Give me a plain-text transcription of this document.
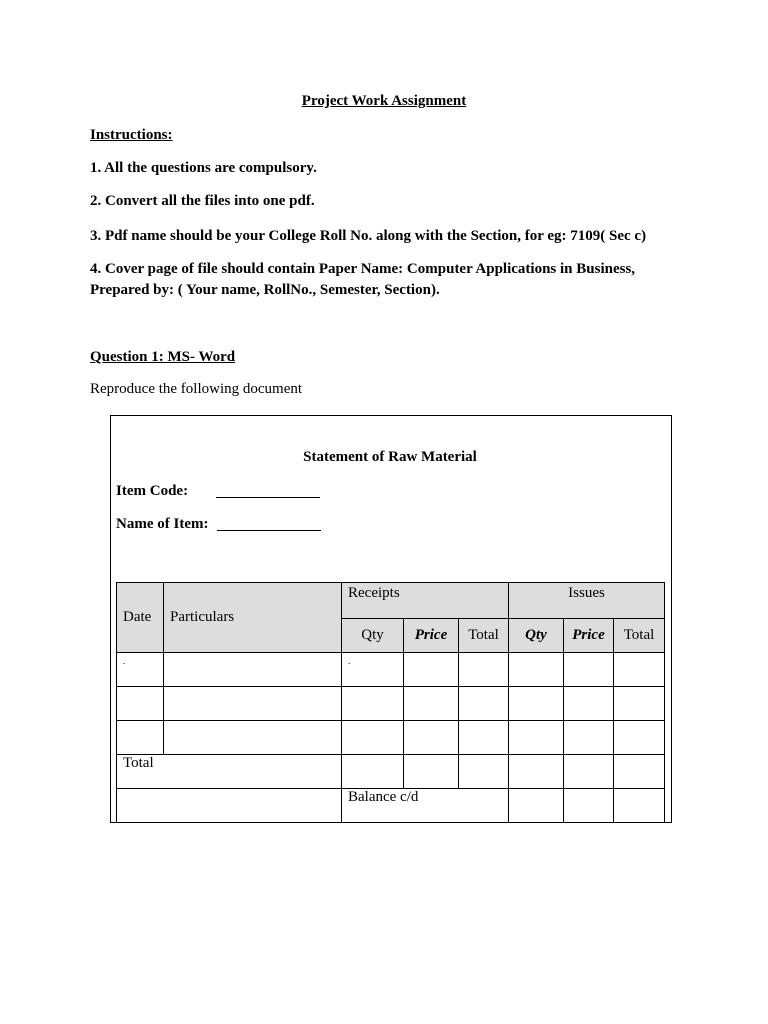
Project Work Assignment
Instructions:
1. All the questions are compulsory.
2. Convert all the files into one pdf.
3. Pdf name should be your College Roll No. along with the Section, for eg: 7109( Sec c)
4. Cover page of file should contain Paper Name: Computer Applications in Business,
Prepared by: ( Your name, RollNo., Semester, Section).
Question 1: MS- Word
Reproduce the following document
Statement of Raw Material
Item Code:
Name of Item:
Date	Particulars	Receipts			Issues		
		Qty	Price	Total	Qty	Price	Total
.		.					

Total							
		Balance c/d					
